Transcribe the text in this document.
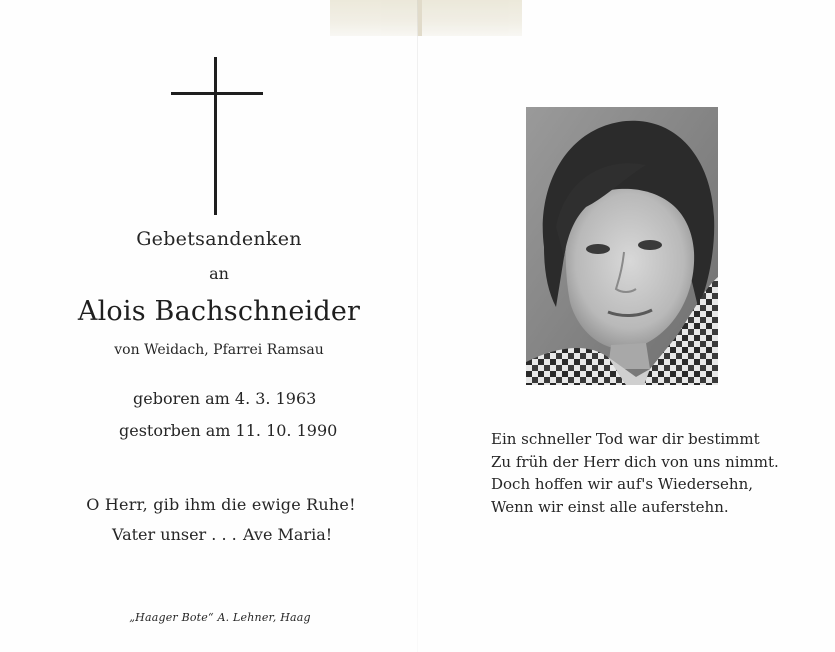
Gebetsandenken
an
Alois Bachschneider
von Weidach, Pfarrei Ramsau
geboren am 4. 3. 1963
gestorben am 11. 10. 1990
O Herr, gib ihm die ewige Ruhe!
Vater unser . . . Ave Maria!
„Haager Bote“ A. Lehner, Haag
Ein schneller Tod war dir bestimmt
Zu früh der Herr dich von uns nimmt.
Doch hoffen wir auf's Wiedersehn,
Wenn wir einst alle auferstehn.
